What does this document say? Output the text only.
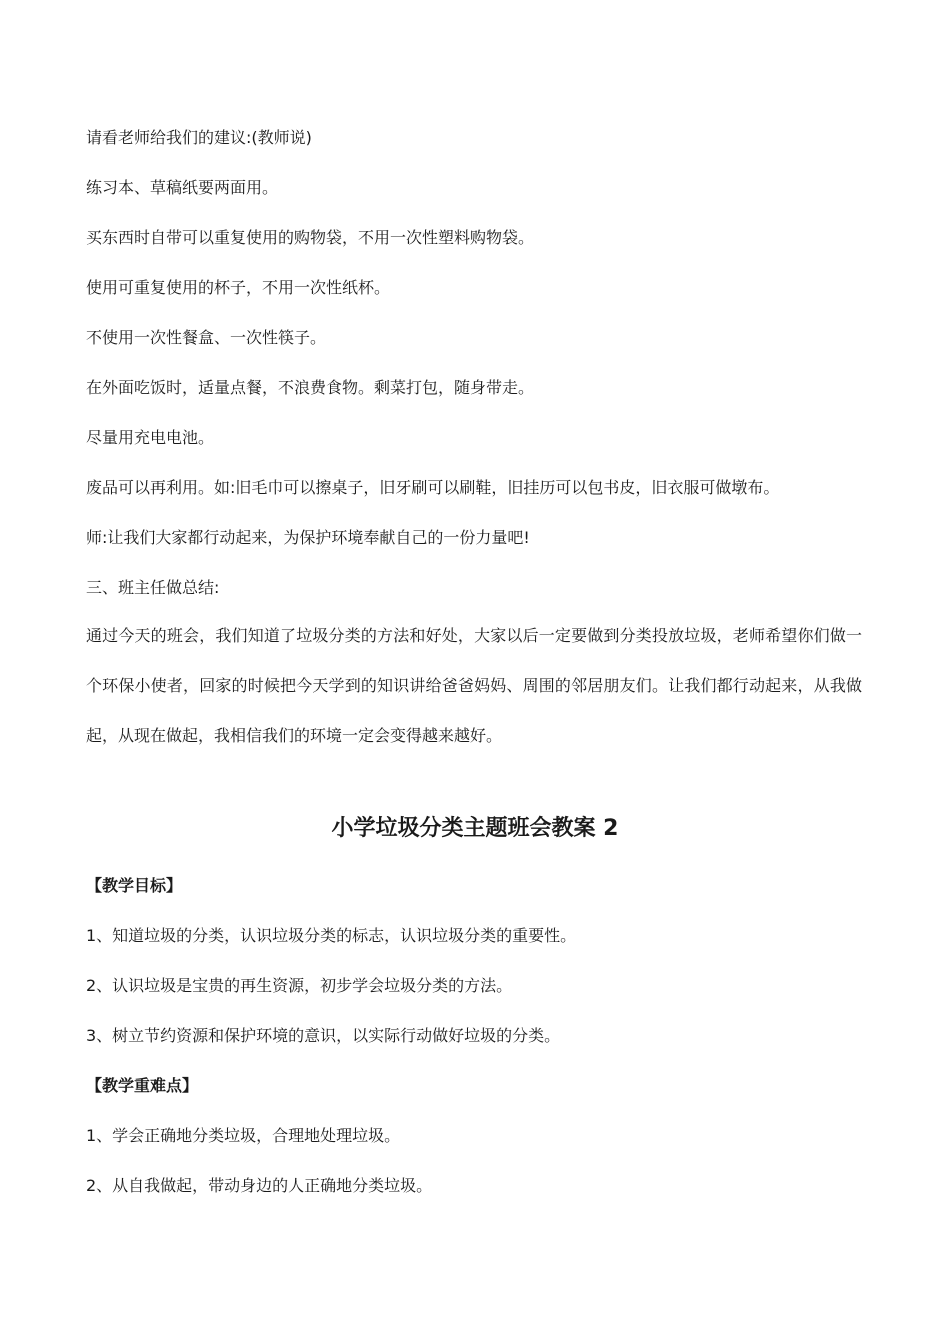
请看老师给我们的建议:(教师说)
练习本、草稿纸要两面用。
买东西时自带可以重复使用的购物袋，不用一次性塑料购物袋。
使用可重复使用的杯子，不用一次性纸杯。
不使用一次性餐盒、一次性筷子。
在外面吃饭时，适量点餐，不浪费食物。剩菜打包，随身带走。
尽量用充电电池。
废品可以再利用。如:旧毛巾可以擦桌子，旧牙刷可以刷鞋，旧挂历可以包书皮，旧衣服可做墩布。
师:让我们大家都行动起来，为保护环境奉献自己的一份力量吧!
三、班主任做总结:
通过今天的班会，我们知道了垃圾分类的方法和好处，大家以后一定要做到分类投放垃圾，老师希望你们做一个环保小使者，回家的时候把今天学到的知识讲给爸爸妈妈、周围的邻居朋友们。让我们都行动起来，从我做起，从现在做起，我相信我们的环境一定会变得越来越好。
小学垃圾分类主题班会教案 2
【教学目标】
1、知道垃圾的分类，认识垃圾分类的标志，认识垃圾分类的重要性。
2、认识垃圾是宝贵的再生资源，初步学会垃圾分类的方法。
3、树立节约资源和保护环境的意识，以实际行动做好垃圾的分类。
【教学重难点】
1、学会正确地分类垃圾，合理地处理垃圾。
2、从自我做起，带动身边的人正确地分类垃圾。
